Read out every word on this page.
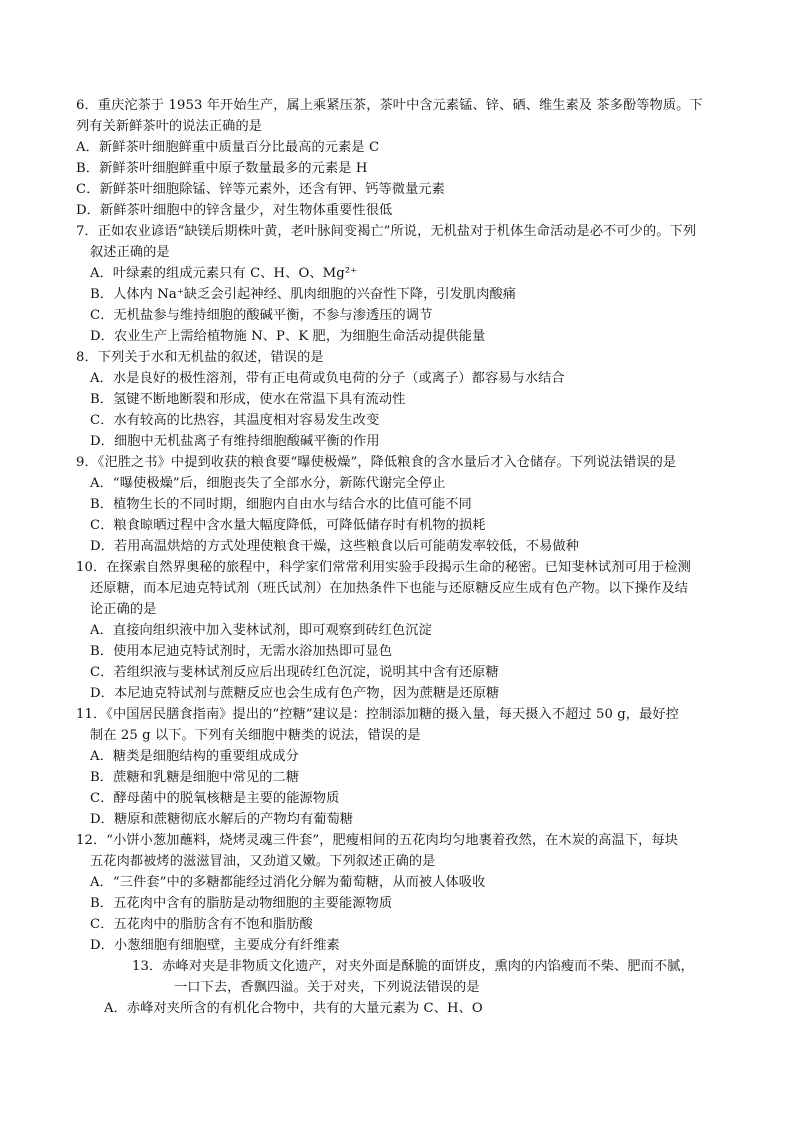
6．重庆沱茶于 1953 年开始生产，属上乘紧压茶，茶叶中含元素锰、锌、硒、维生素及 茶多酚等物质。下
列有关新鲜茶叶的说法正确的是
A．新鲜茶叶细胞鲜重中质量百分比最高的元素是 C
B．新鲜茶叶细胞鲜重中原子数量最多的元素是 H
C．新鲜茶叶细胞除锰、锌等元素外，还含有钾、钙等微量元素
D．新鲜茶叶细胞中的锌含量少，对生物体重要性很低
7．正如农业谚语“缺镁后期株叶黄，老叶脉间变褐亡”所说，无机盐对于机体生命活动是必不可少的。下列
叙述正确的是
A．叶绿素的组成元素只有 C、H、O、Mg²⁺
B．人体内 Na⁺缺乏会引起神经、肌肉细胞的兴奋性下降，引发肌肉酸痛
C．无机盐参与维持细胞的酸碱平衡，不参与渗透压的调节
D．农业生产上需给植物施 N、P、K 肥，为细胞生命活动提供能量
8．下列关于水和无机盐的叙述，错误的是
A．水是良好的极性溶剂，带有正电荷或负电荷的分子（或离子）都容易与水结合
B．氢键不断地断裂和形成，使水在常温下具有流动性
C．水有较高的比热容，其温度相对容易发生改变
D．细胞中无机盐离子有维持细胞酸碱平衡的作用
9．《汜胜之书》中提到收获的粮食要“曝使极燥”，降低粮食的含水量后才入仓储存。下列说法错误的是
A．“曝使极燥”后，细胞丧失了全部水分，新陈代谢完全停止
B．植物生长的不同时期，细胞内自由水与结合水的比值可能不同
C．粮食晾晒过程中含水量大幅度降低，可降低储存时有机物的损耗
D．若用高温烘焙的方式处理使粮食干燥，这些粮食以后可能萌发率较低，不易做种
10．在探索自然界奥秘的旅程中，科学家们常常利用实验手段揭示生命的秘密。已知斐林试剂可用于检测
还原糖，而本尼迪克特试剂（班氏试剂）在加热条件下也能与还原糖反应生成有色产物。以下操作及结
论正确的是
A．直接向组织液中加入斐林试剂，即可观察到砖红色沉淀
B．使用本尼迪克特试剂时，无需水浴加热即可显色
C．若组织液与斐林试剂反应后出现砖红色沉淀，说明其中含有还原糖
D．本尼迪克特试剂与蔗糖反应也会生成有色产物，因为蔗糖是还原糖
11．《中国居民膳食指南》提出的“控糖”建议是：控制添加糖的摄入量，每天摄入不超过 50 g，最好控
制在 25 g 以下。下列有关细胞中糖类的说法，错误的是
A．糖类是细胞结构的重要组成成分
B．蔗糖和乳糖是细胞中常见的二糖
C．酵母菌中的脱氧核糖是主要的能源物质
D．糖原和蔗糖彻底水解后的产物均有葡萄糖
12．“小饼小葱加蘸料，烧烤灵魂三件套”，肥瘦相间的五花肉均匀地裹着孜然，在木炭的高温下，每块
五花肉都被烤的滋滋冒油，又劲道又嫩。下列叙述正确的是
A．“三件套”中的多糖都能经过消化分解为葡萄糖，从而被人体吸收
B．五花肉中含有的脂肪是动物细胞的主要能源物质
C．五花肉中的脂肪含有不饱和脂肪酸
D．小葱细胞有细胞壁，主要成分有纤维素
13．赤峰对夹是非物质文化遗产，对夹外面是酥脆的面饼皮，熏肉的内馅瘦而不柴、肥而不腻，
一口下去，香飘四溢。关于对夹，下列说法错误的是
A．赤峰对夹所含的有机化合物中，共有的大量元素为 C、H、O
